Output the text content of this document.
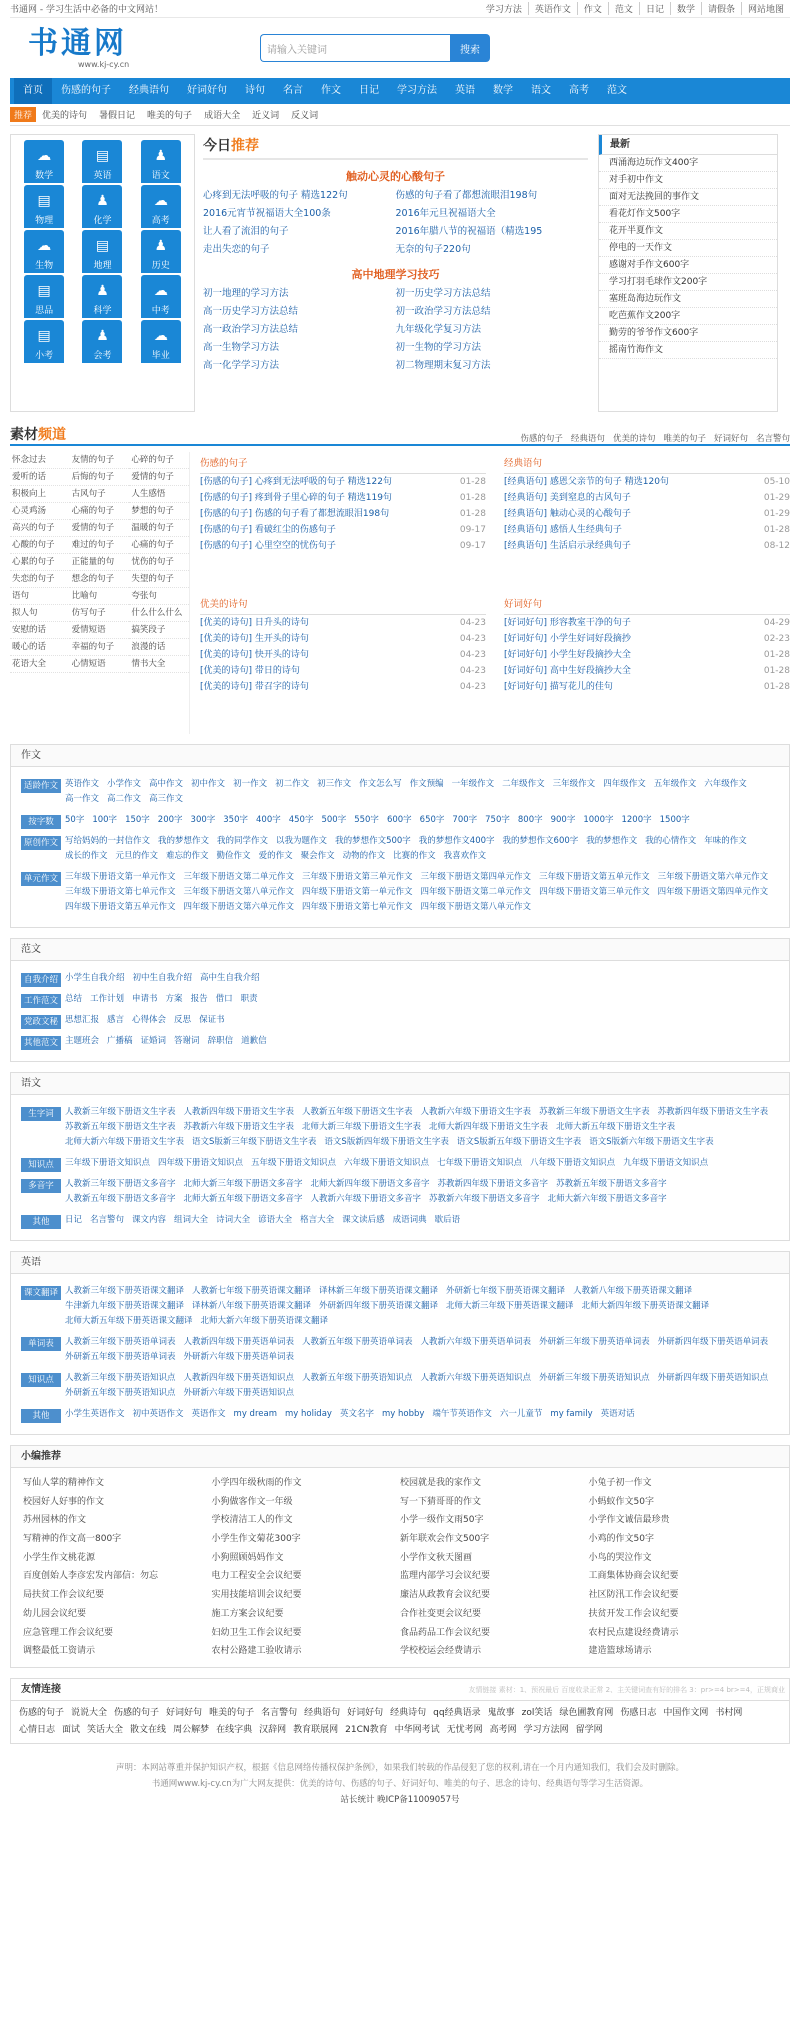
书通网 - 学习生活中必备的中文网站！	学习方法	英语作文	作文	范文	日记	数学	请假条	网站地图
书通网
www.kj-cy.cn
请输入关键词	搜索
首页	伤感的句子	经典语句	好词好句	诗句	名言	作文	日记	学习方法	英语	数学	语文	高考	范文
推荐	优美的诗句 暑假日记 唯美的句子 成语大全 近义词 反义词
☁
数学
▤
英语
♟
语文
▤
物理
♟
化学
☁
高考
☁
生物
▤
地理
♟
历史
▤
思品
♟
科学
☁
中考
▤
小考
♟
会考
☁
毕业
今日 推荐
触动心灵的心酸句子
心疼到无法呼吸的句子 精选122句	伤感的句子看了都想流眼泪198句
2016元宵节祝福语大全100条	2016年元旦祝福语大全
让人看了流泪的句子	2016年腊八节的祝福语（精选195
走出失恋的句子	无奈的句子220句
高中地理学习技巧
初一地理的学习方法	初一历史学习方法总结
高一历史学习方法总结	初一政治学习方法总结
高一政治学习方法总结	九年级化学复习方法
高一生物学习方法	初一生物的学习方法
高一化学学习方法	初二物理期末复习方法
最新
西涌海边玩作文400字
对手初中作文
面对无法挽回的事作文
看花灯作文500字
花开半夏作文
停电的一天作文
感谢对手作文600字
学习打羽毛球作文200字
塞班岛海边玩作文
吃芭蕉作文200字
勤劳的爷爷作文600字
摇南竹海作文
素材频道	伤感的句子 经典语句 优美的诗句 唯美的句子 好词好句 名言警句
怀念过去	友情的句子	心碎的句子
爱听的话	后悔的句子	爱情的句子
积极向上	古风句子	人生感悟
心灵鸡汤	心痛的句子	梦想的句子
高兴的句子	爱情的句子	温暖的句子
心酸的句子	难过的句子	心痛的句子
心累的句子	正能量的句	忧伤的句子
失恋的句子	想念的句子	失望的句子
语句	比喻句	夸张句
拟人句	仿写句子	什么什么什么
安慰的话	爱情短语	搞笑段子
暖心的话	幸福的句子	浪漫的话
花语大全	心情短语	情书大全
伤感的句子
[伤感的句子] 心疼到无法呼吸的句子 精选122句	01-28
[伤感的句子] 疼到骨子里心碎的句子 精选119句	01-28
[伤感的句子] 伤感的句子看了都想流眼泪198句	01-28
[伤感的句子] 看破红尘的伤感句子	09-17
[伤感的句子] 心里空空的忧伤句子	09-17
经典语句
[经典语句] 感恩父亲节的句子 精选120句	05-10
[经典语句] 美到窒息的古风句子	01-29
[经典语句] 触动心灵的心酸句子	01-29
[经典语句] 感悟人生经典句子	01-28
[经典语句] 生活启示录经典句子	08-12
优美的诗句
[优美的诗句] 日升头的诗句	04-23
[优美的诗句] 生开头的诗句	04-23
[优美的诗句] 快开头的诗句	04-23
[优美的诗句] 带日的诗句	04-23
[优美的诗句] 带召字的诗句	04-23
好词好句
[好词好句] 形容教室干净的句子	04-29
[好词好句] 小学生好词好段摘抄	02-23
[好词好句] 小学生好段摘抄大全	01-28
[好词好句] 高中生好段摘抄大全	01-28
[好词好句] 描写花儿的佳句	01-28
作文
适龄作文 英语作文 小学作文 高中作文 初中作文 初一作文 初二作文 初三作文 作文怎么写 作文预编 一年级作文 二年级作文 三年级作文 四年级作文 五年级作文 六年级作文高一作文 高二作文 高三作文
按字数	50字 100字 150字 200字 300字 350字 400字 450字 500字 550字 600字 650字 700字 750字 800字 900字 1000字 1200字 1500字
原创作文 写给妈妈的一封信作文 我的梦想作文 我的同学作文 以我为题作文 我的梦想作文500字 我的梦想作文400字 我的梦想作文600字 我的梦想作文 我的心情作文 年味的作文成长的作文 元旦的作文 难忘的作文 勤俭作文 爱的作文 聚会作文 动物的作文 比赛的作文 我喜欢作文
单元作文 三年级下册语文第一单元作文 三年级下册语文第二单元作文 三年级下册语文第三单元作文 三年级下册语文第四单元作文 三年级下册语文第五单元作文 三年级下册语文第六单元作文三年级下册语文第七单元作文 三年级下册语文第八单元作文 四年级下册语文第一单元作文 四年级下册语文第二单元作文 四年级下册语文第三单元作文 四年级下册语文第四单元作文四年级下册语文第五单元作文 四年级下册语文第六单元作文 四年级下册语文第七单元作文 四年级下册语文第八单元作文
范文
自我介绍 小学生自我介绍 初中生自我介绍 高中生自我介绍
工作范文 总结 工作计划 申请书 方案 报告 借口 职责
党政文秘 思想汇报 感言 心得体会 反思 保证书
其他范文 主题班会 广播稿 证婚词 答谢词 辞职信 道歉信
语文
生字词	人教新三年级下册语文生字表 人教新四年级下册语文生字表 人教新五年级下册语文生字表 人教新六年级下册语文生字表 苏教新三年级下册语文生字表 苏教新四年级下册语文生字表苏教新五年级下册语文生字表 苏教新六年级下册语文生字表 北师大新三年级下册语文生字表 北师大新四年级下册语文生字表 北师大新五年级下册语文生字表北师大新六年级下册语文生字表 语文S版新三年级下册语文生字表 语文S版新四年级下册语文生字表 语文S版新五年级下册语文生字表 语文S版新六年级下册语文生字表
知识点	三年级下册语文知识点 四年级下册语文知识点 五年级下册语文知识点 六年级下册语文知识点 七年级下册语文知识点 八年级下册语文知识点 九年级下册语文知识点
多音字	人教新三年级下册语文多音字 北师大新三年级下册语文多音字 北师大新四年级下册语文多音字 苏教新四年级下册语文多音字 苏教新五年级下册语文多音字人教新五年级下册语文多音字 北师大新五年级下册语文多音字 人教新六年级下册语文多音字 苏教新六年级下册语文多音字 北师大新六年级下册语文多音字
其他	日记 名言警句 课文内容 组词大全 诗词大全 谚语大全 格言大全 课文读后感 成语词典 歇后语
英语
课文翻译 人教新三年级下册英语课文翻译 人教新七年级下册英语课文翻译 译林新三年级下册英语课文翻译 外研新七年级下册英语课文翻译 人教新八年级下册英语课文翻译牛津新九年级下册英语课文翻译 译林新八年级下册英语课文翻译 外研新四年级下册英语课文翻译 北师大新三年级下册英语课文翻译 北师大新四年级下册英语课文翻译北师大新五年级下册英语课文翻译 北师大新六年级下册英语课文翻译
单词表	人教新三年级下册英语单词表 人教新四年级下册英语单词表 人教新五年级下册英语单词表 人教新六年级下册英语单词表 外研新三年级下册英语单词表 外研新四年级下册英语单词表外研新五年级下册英语单词表 外研新六年级下册英语单词表
知识点	人教新三年级下册英语知识点 人教新四年级下册英语知识点 人教新五年级下册英语知识点 人教新六年级下册英语知识点 外研新三年级下册英语知识点 外研新四年级下册英语知识点外研新五年级下册英语知识点 外研新六年级下册英语知识点
其他	小学生英语作文 初中英语作文 英语作文 my dream my holiday 英文名字 my hobby 端午节英语作文 六一儿童节 my family 英语对话
小编推荐
写仙人掌的精神作文	小学四年级秋雨的作文	校园就是我的家作文	小兔子初一作文
校园好人好事的作文	小狗做客作文一年级	写一下猜哥哥的作文	小蚂蚁作文50字
苏州园林的作文	学校清洁工人的作文	小学一级作文雨50字	小学作文诚信最珍贵
写精神的作文高一800字	小学生作文菊花300字	新年联欢会作文500字	小鸡的作文50字
小学生作文桃花源	小狗照顾妈妈作文	小学作文秋天图画	小鸟的哭泣作文
百度创始人李彦宏发内部信：勿忘	电力工程安全会议纪要	监理内部学习会议纪要	工商集体协商会议纪要
局扶贫工作会议纪要	实用技能培训会议纪要	廉洁从政教育会议纪要	社区防汛工作会议纪要
幼儿园会议纪要	施工方案会议纪要	合作社变更会议纪要	扶贫开发工作会议纪要
应急管理工作会议纪要	妇幼卫生工作会议纪要	食品药品工作会议纪要	农村民点建设经费请示
调整最低工资请示	农村公路建工验收请示	学校校运会经费请示	建造篮球场请示
友情连接	友情链接 素材：1、预祝最后 百度收录正常 2、主关键词查有好的排名 3：pr>=4 br>=4，正规商业
伤感的句子 说说大全 伤感的句子 好词好句 唯美的句子 名言警句 经典语句 好词好句 经典诗句 qq经典语录 鬼故事 zol笑话 绿色圃教育网 伤感日志 中国作文网 书村网心情日志 面试 笑话大全 散文在线 周公解梦 在线字典 汉辞网 教育联展网 21CN教育 中华网考试 无忧考网 高考网 学习方法网 留学网
声明：本网站尊重并保护知识产权，根据《信息网络传播权保护条例》，如果我们转载的作品侵犯了您的权利,请在一个月内通知我们，我们会及时删除。
书通网www.kj-cy.cn为广大网友提供：优美的诗句、伤感的句子、好词好句、唯美的句子、思念的诗句、经典语句等学习生活资源。
站长统计 晚ICP备11009057号
